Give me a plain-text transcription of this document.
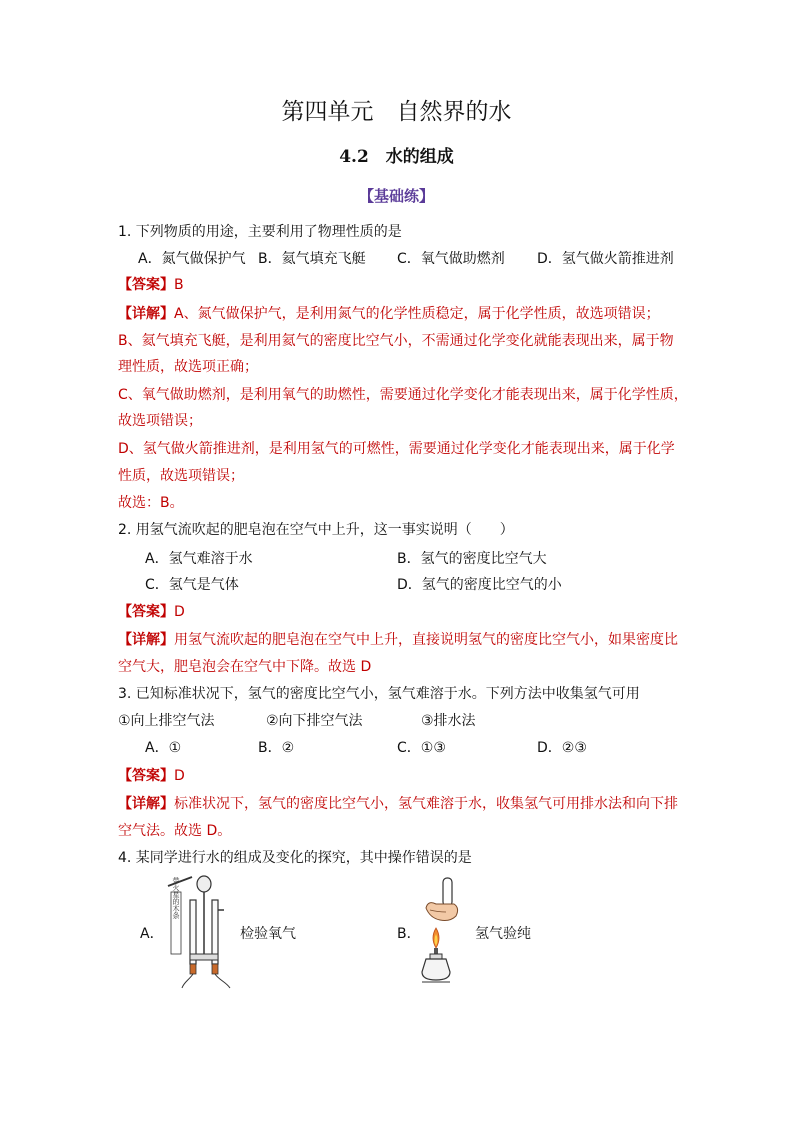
第四单元　自然界的水
4.2　水的组成
【基础练】
1. 下列物质的用途，主要利用了物理性质的是
A．氮气做保护气 B．氦气填充飞艇 C．氧气做助燃剂 D．氢气做火箭推进剂
【答案】B
【详解】A、氮气做保护气，是利用氮气的化学性质稳定，属于化学性质，故选项错误；
B、氦气填充飞艇，是利用氦气的密度比空气小，不需通过化学变化就能表现出来，属于物
理性质，故选项正确；
C、氧气做助燃剂，是利用氧气的助燃性，需要通过化学变化才能表现出来，属于化学性质，
故选项错误；
D、氢气做火箭推进剂，是利用氢气的可燃性，需要通过化学变化才能表现出来，属于化学
性质，故选项错误；
故选：B。
2. 用氢气流吹起的肥皂泡在空气中上升，这一事实说明（　　）
A．氢气难溶于水	B．氢气的密度比空气大
C．氢气是气体	D．氢气的密度比空气的小
【答案】D
【详解】用氢气流吹起的肥皂泡在空气中上升，直接说明氢气的密度比空气小，如果密度比
空气大，肥皂泡会在空气中下降。故选 D
3. 已知标准状况下，氢气的密度比空气小，氢气难溶于水。下列方法中收集氢气可用
①向上排空气法	②向下排空气法	③排水法
A．①	B．②	C．①③	D．②③
【答案】D
【详解】标准状况下，氢气的密度比空气小，氢气难溶于水，收集氢气可用排水法和向下排
空气法。故选 D。
4. 某同学进行水的组成及变化的探究，其中操作错误的是
A．	检验氧气
带火星的木条
B．	氢气验纯
